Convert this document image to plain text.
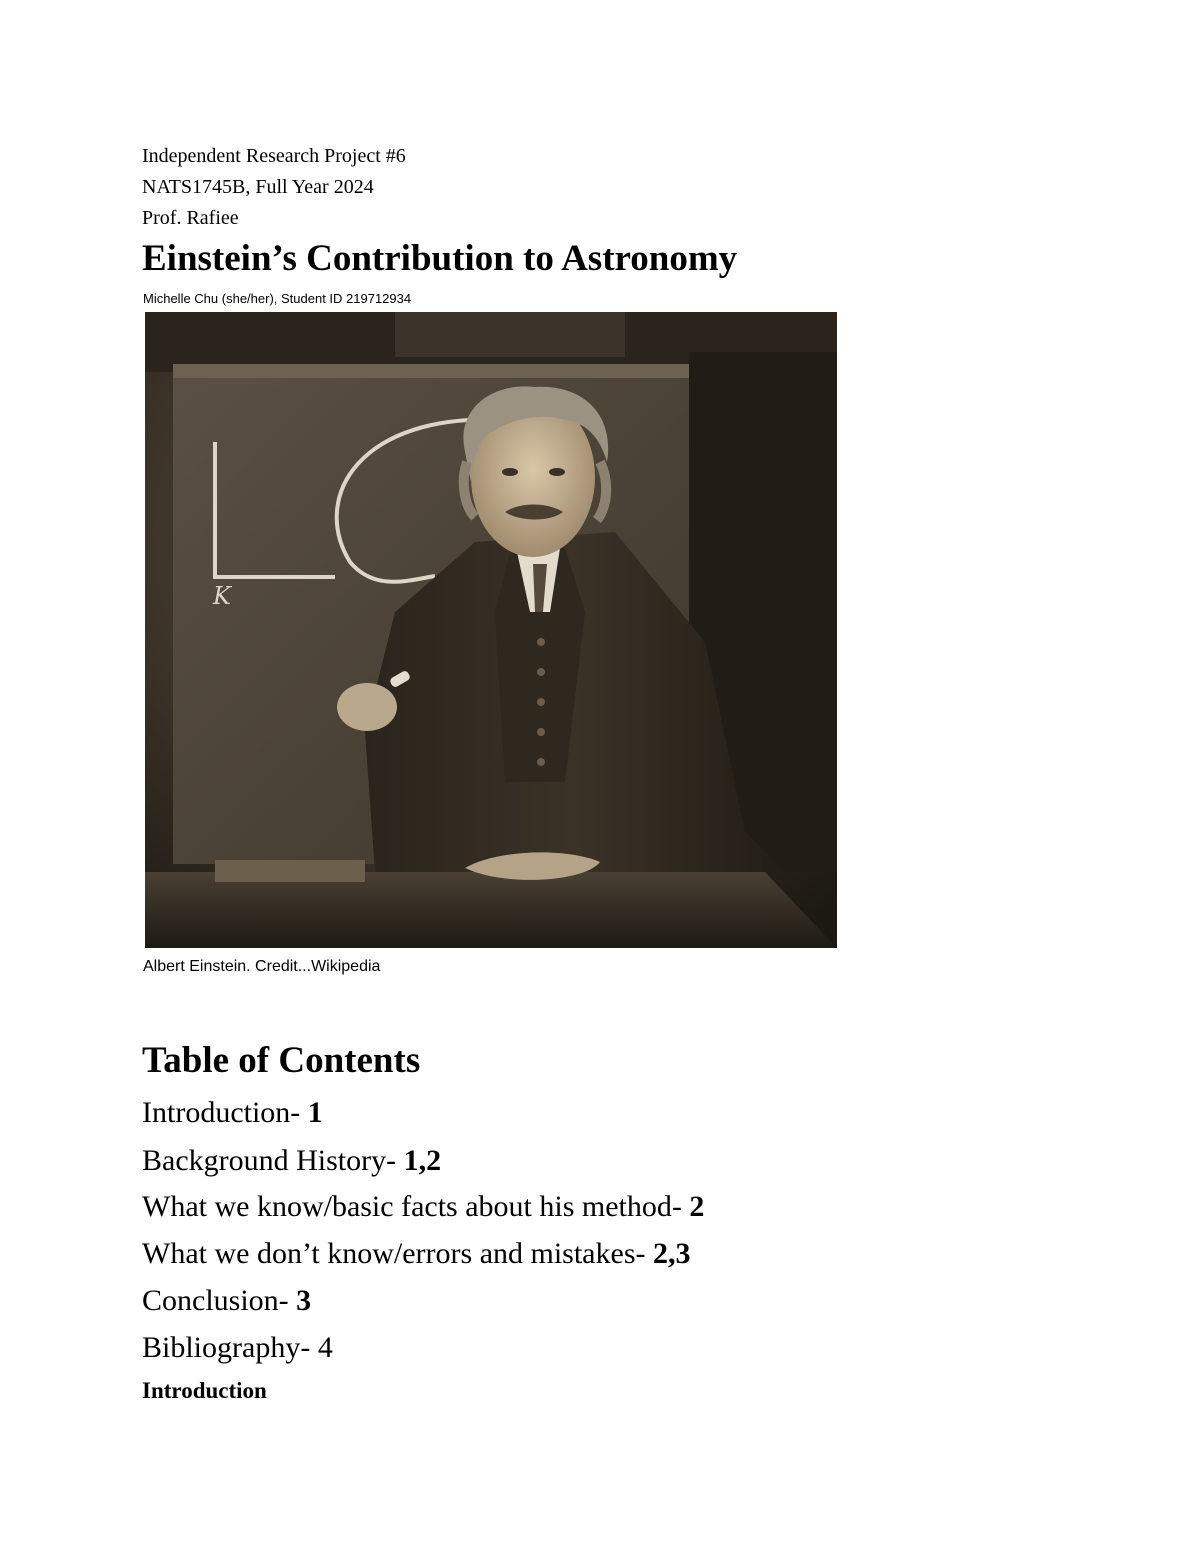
Independent Research Project #6
NATS1745B, Full Year 2024
Prof. Rafiee
Einstein’s Contribution to Astronomy
Michelle Chu (she/her), Student ID 219712934
K
Albert Einstein. Credit...Wikipedia
Table of Contents
Introduction- 1
Background History- 1,2
What we know/basic facts about his method- 2
What we don’t know/errors and mistakes- 2,3
Conclusion- 3
Bibliography- 4
Introduction
